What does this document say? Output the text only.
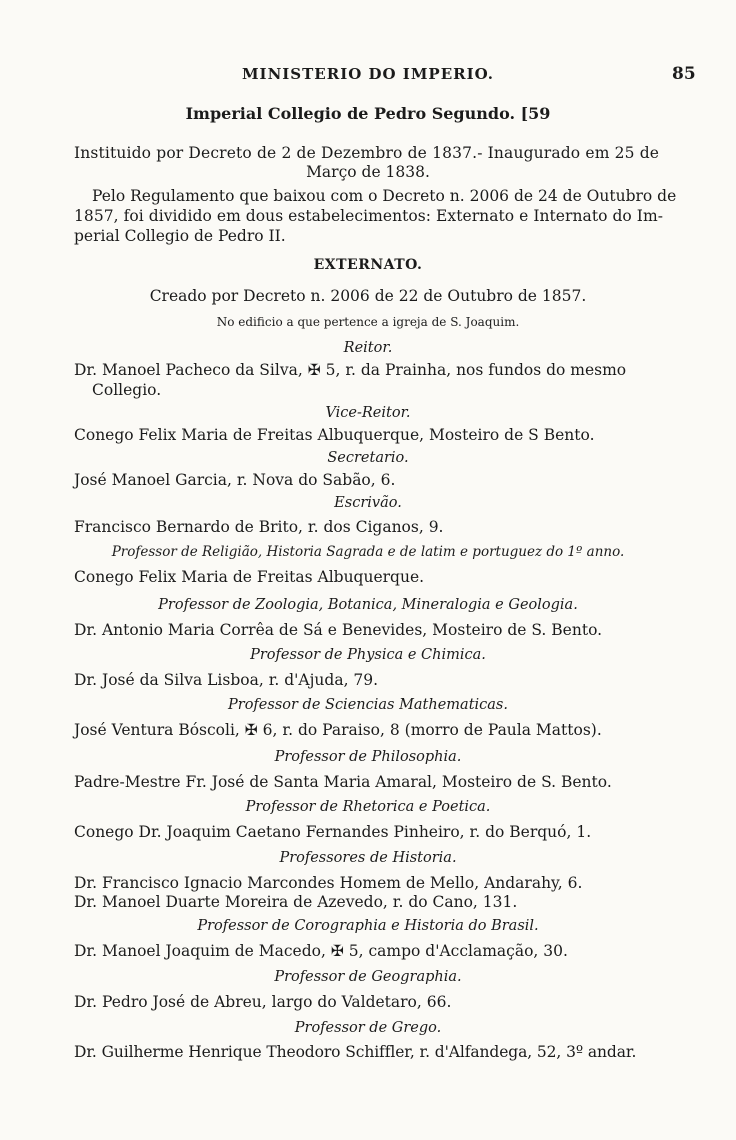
MINISTERIO DO IMPERIO.	85
Imperial Collegio de Pedro Segundo. [59
Instituido por Decreto de 2 de Dezembro de 1837.- Inaugurado em 25 de
Março de 1838.
Pelo Regulamento que baixou com o Decreto n. 2006 de 24 de Outubro de
1857, foi dividido em dous estabelecimentos: Externato e Internato do Im-
perial Collegio de Pedro II.
EXTERNATO.
Creado por Decreto n. 2006 de 22 de Outubro de 1857.
No edificio a que pertence a igreja de S. Joaquim.
Reitor.
Dr. Manoel Pacheco da Silva, ✠ 5, r. da Prainha, nos fundos do mesmo
Collegio.
Vice-Reitor.
Conego Felix Maria de Freitas Albuquerque, Mosteiro de S Bento.
Secretario.
José Manoel Garcia, r. Nova do Sabão, 6.
Escrivão.
Francisco Bernardo de Brito, r. dos Ciganos, 9.
Professor de Religião, Historia Sagrada e de latim e portuguez do 1º anno.
Conego Felix Maria de Freitas Albuquerque.
Professor de Zoologia, Botanica, Mineralogia e Geologia.
Dr. Antonio Maria Corrêa de Sá e Benevides, Mosteiro de S. Bento.
Professor de Physica e Chimica.
Dr. José da Silva Lisboa, r. d'Ajuda, 79.
Professor de Sciencias Mathematicas.
José Ventura Bóscoli, ✠ 6, r. do Paraiso, 8 (morro de Paula Mattos).
Professor de Philosophia.
Padre-Mestre Fr. José de Santa Maria Amaral, Mosteiro de S. Bento.
Professor de Rhetorica e Poetica.
Conego Dr. Joaquim Caetano Fernandes Pinheiro, r. do Berquó, 1.
Professores de Historia.
Dr. Francisco Ignacio Marcondes Homem de Mello, Andarahy, 6.
Dr. Manoel Duarte Moreira de Azevedo, r. do Cano, 131.
Professor de Corographia e Historia do Brasil.
Dr. Manoel Joaquim de Macedo, ✠ 5, campo d'Acclamação, 30.
Professor de Geographia.
Dr. Pedro José de Abreu, largo do Valdetaro, 66.
Professor de Grego.
Dr. Guilherme Henrique Theodoro Schiffler, r. d'Alfandega, 52, 3º andar.
